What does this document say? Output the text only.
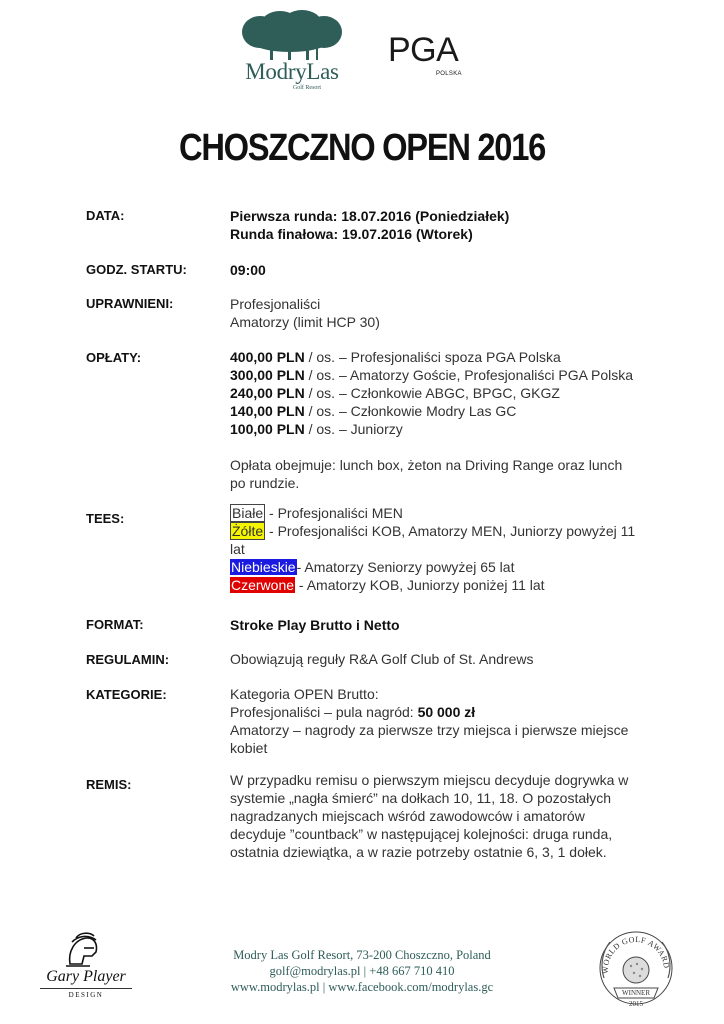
ModryLas
Golf Resort
PGA
POLSKA
CHOSZCZNO OPEN 2016
DATA:	Pierwsza runda: 18.07.2016 (Poniedziałek)
Runda finałowa: 19.07.2016 (Wtorek)
GODZ. STARTU:	09:00
UPRAWNIENI:	Profesjonaliści
Amatorzy (limit HCP 30)
OPŁATY:	400,00 PLN / os. – Profesjonaliści spoza PGA Polska
300,00 PLN / os. – Amatorzy Goście, Profesjonaliści PGA Polska
240,00 PLN / os. – Członkowie ABGC, BPGC, GKGZ
140,00 PLN / os. – Członkowie Modry Las GC
100,00 PLN / os. – Juniorzy
Opłata obejmuje: lunch box, żeton na Driving Range oraz lunch
po rundzie.
TEES:	Białe - Profesjonaliści MEN
Żółte - Profesjonaliści KOB, Amatorzy MEN, Juniorzy powyżej 11
lat
Niebieskie- Amatorzy Seniorzy powyżej 65 lat
Czerwone - Amatorzy KOB, Juniorzy poniżej 11 lat
FORMAT:	Stroke Play Brutto i Netto
REGULAMIN:	Obowiązują reguły R&A Golf Club of St. Andrews
KATEGORIE:	Kategoria OPEN Brutto:
Profesjonaliści – pula nagród: 50 000 zł
Amatorzy – nagrody za pierwsze trzy miejsca i pierwsze miejsce
kobiet
REMIS:	W przypadku remisu o pierwszym miejscu decyduje dogrywka w
systemie „nagła śmierć” na dołkach 10, 11, 18. O pozostałych
nagradzanych miejscach wśród zawodowców i amatorów
decyduje ”countback” w następującej kolejności: druga runda,
ostatnia dziewiątka, a w razie potrzeby ostatnie 6, 3, 1 dołek.
Gary Player
DESIGN
Modry Las Golf Resort, 73-200 Choszczno, Poland
golf@modrylas.pl | +48 667 710 410
www.modrylas.pl | www.facebook.com/modrylas.gc
WORLD GOLF AWARD
WINNER
2015
